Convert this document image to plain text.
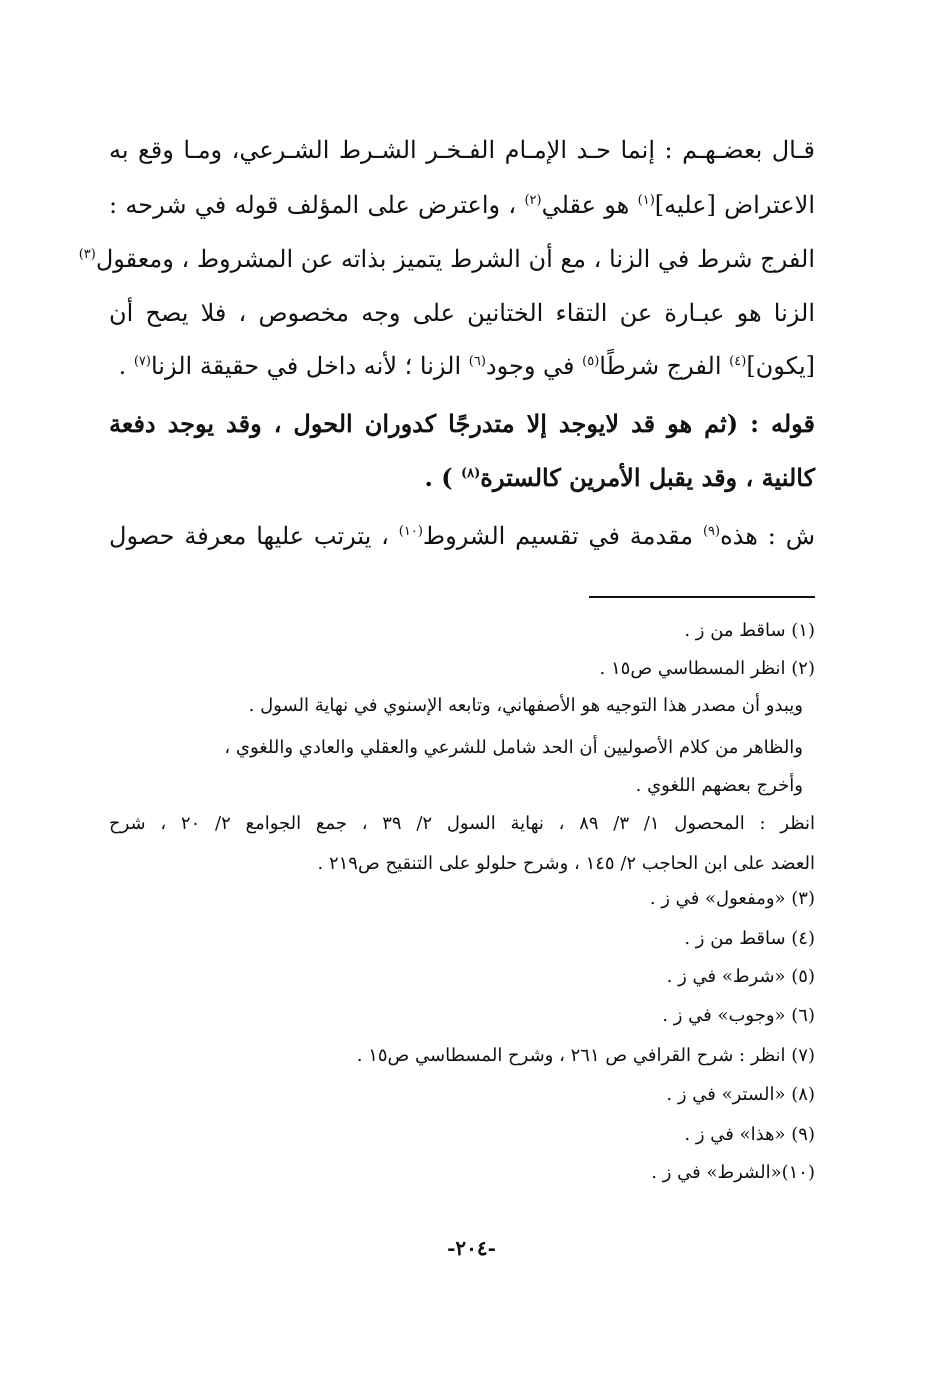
قـال بعضـهـم : إنما حـد الإمـام الفـخـر الشـرط الشـرعي، ومـا وقع به
الاعتراض [عليه]$^{(١)}$ هو عقلي$^{(٢)}$ ، واعترض على المؤلف قوله في شرحه :
الفرج شرط في الزنا ، مع أن الشرط يتميز بذاته عن المشروط ، ومعقول$^{(٣)}$
الزنا هو عبـارة عن التقاء الختانين على وجه مخصوص ، فلا يصح أن
[يكون]$^{(٤)}$ الفرج شرطًا$^{(٥)}$ في وجود$^{(٦)}$ الزنا ؛ لأنه داخل في حقيقة الزنا$^{(٧)}$ .
قوله : (ثم هو قد لايوجد إلا متدرجًا كدوران الحول ، وقد يوجد دفعة
كالنية ، وقد يقبل الأمرين كالسترة$^{(٨)}$ ) .
ش : هذه$^{(٩)}$ مقدمة في تقسيم الشروط$^{(١٠)}$ ، يترتب عليها معرفة حصول
(١) ساقط من ز .
(٢) انظر المسطاسي ص١٥ .
ويبدو أن مصدر هذا التوجيه هو الأصفهاني، وتابعه الإسنوي في نهاية السول .
والظاهر من كلام الأصوليين أن الحد شامل للشرعي والعقلي والعادي واللغوي ،
وأخرج بعضهم اللغوي .
انظر : المحصول ١/ ٣/ ٨٩ ، نهاية السول ٢/ ٣٩ ، جمع الجوامع ٢/ ٢٠ ، شرح
العضد على ابن الحاجب ٢/ ١٤٥ ، وشرح حلولو على التنقيح ص٢١٩ .
(٣) «ومفعول» في ز .
(٤) ساقط من ز .
(٥) «شرط» في ز .
(٦) «وجوب» في ز .
(٧) انظر : شرح القرافي ص ٢٦١ ، وشرح المسطاسي ص١٥ .
(٨) «الستر» في ز .
(٩) «هذا» في ز .
(١٠)«الشرط» في ز .
-٢٠٤-
